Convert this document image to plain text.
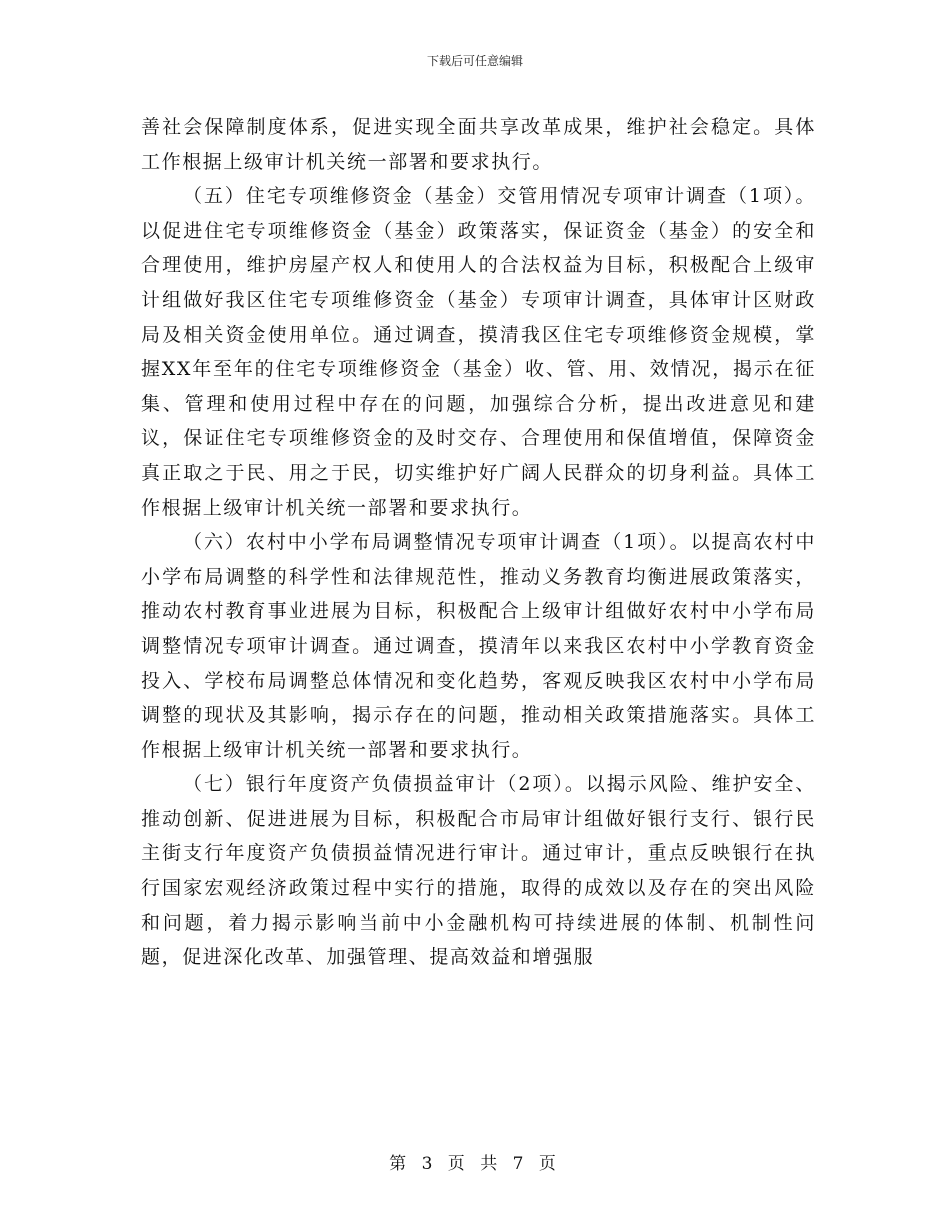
下载后可任意编辑

善社会保障制度体系，促进实现全面共享改革成果，维护社会稳定。具体工作根据上级审计机关统一部署和要求执行。

（五）住宅专项维修资金（基金）交管用情况专项审计调查（1项）。以促进住宅专项维修资金（基金）政策落实，保证资金（基金）的安全和合理使用，维护房屋产权人和使用人的合法权益为目标，积极配合上级审计组做好我区住宅专项维修资金（基金）专项审计调查，具体审计区财政局及相关资金使用单位。通过调查，摸清我区住宅专项维修资金规模，掌握XX年至年的住宅专项维修资金（基金）收、管、用、效情况，揭示在征集、管理和使用过程中存在的问题，加强综合分析，提出改进意见和建议，保证住宅专项维修资金的及时交存、合理使用和保值增值，保障资金真正取之于民、用之于民，切实维护好广阔人民群众的切身利益。具体工作根据上级审计机关统一部署和要求执行。

（六）农村中小学布局调整情况专项审计调查（1项）。以提高农村中小学布局调整的科学性和法律规范性，推动义务教育均衡进展政策落实，推动农村教育事业进展为目标，积极配合上级审计组做好农村中小学布局调整情况专项审计调查。通过调查，摸清年以来我区农村中小学教育资金投入、学校布局调整总体情况和变化趋势，客观反映我区农村中小学布局调整的现状及其影响，揭示存在的问题，推动相关政策措施落实。具体工作根据上级审计机关统一部署和要求执行。

（七）银行年度资产负债损益审计（2项）。以揭示风险、维护安全、推动创新、促进进展为目标，积极配合市局审计组做好银行支行、银行民主街支行年度资产负债损益情况进行审计。通过审计，重点反映银行在执行国家宏观经济政策过程中实行的措施，取得的成效以及存在的突出风险和问题，着力揭示影响当前中小金融机构可持续进展的体制、机制性问题，促进深化改革、加强管理、提高效益和增强服

第 3 页 共 7 页
